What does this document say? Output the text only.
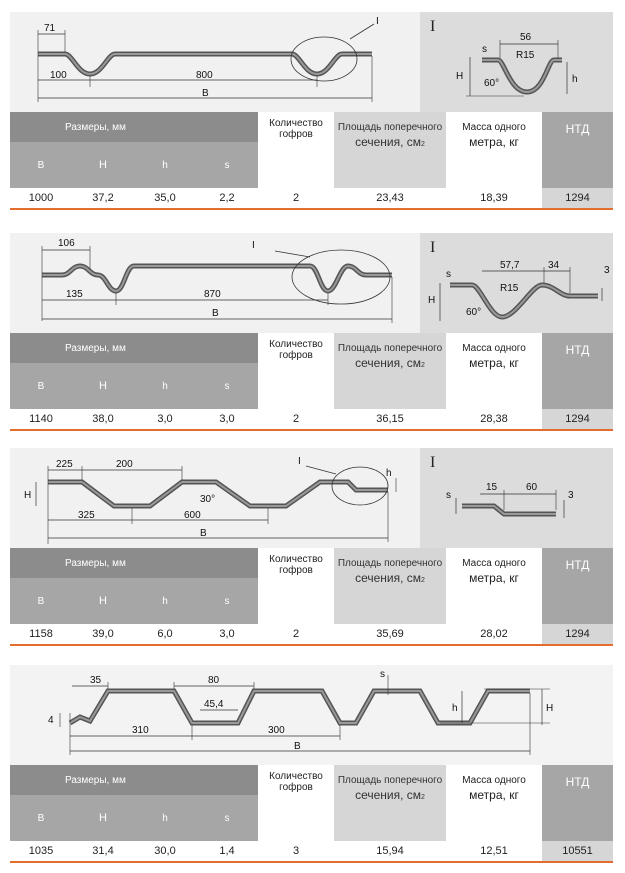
71
100	800
B
I	I
56
s
R15
H	h
60°
Размеры, мм
B	H	h	s
Количество гофров
Площадь поперечного
сечения, см2
Масса одного
метра, кг
НТД
1000	37,2	35,0	2,2	2	23,43	18,39	1294
106
135	870
B
I	I
57,7	34	3
s
R15
H
60°
Размеры, мм
B	H	h	s
Количество гофров
Площадь поперечного
сечения, см2
Масса одного
метра, кг
НТД
1140	38,0	3,0	3,0	2	36,15	28,38	1294
225	200
H	30°
325	600
B
I
h
I
15	60
s	3
Размеры, мм
B	H	h	s
Количество гофров
Площадь поперечного
сечения, см2
Масса одного
метра, кг
НТД
1158	39,0	6,0	3,0	2	35,69	28,02	1294
35	80
45,4
4
310	300
B
s
h	H
Размеры, мм
B	H	h	s
Количество гофров
Площадь поперечного
сечения, см2
Масса одного
метра, кг
НТД
1035	31,4	30,0	1,4	3	15,94	12,51	10551
